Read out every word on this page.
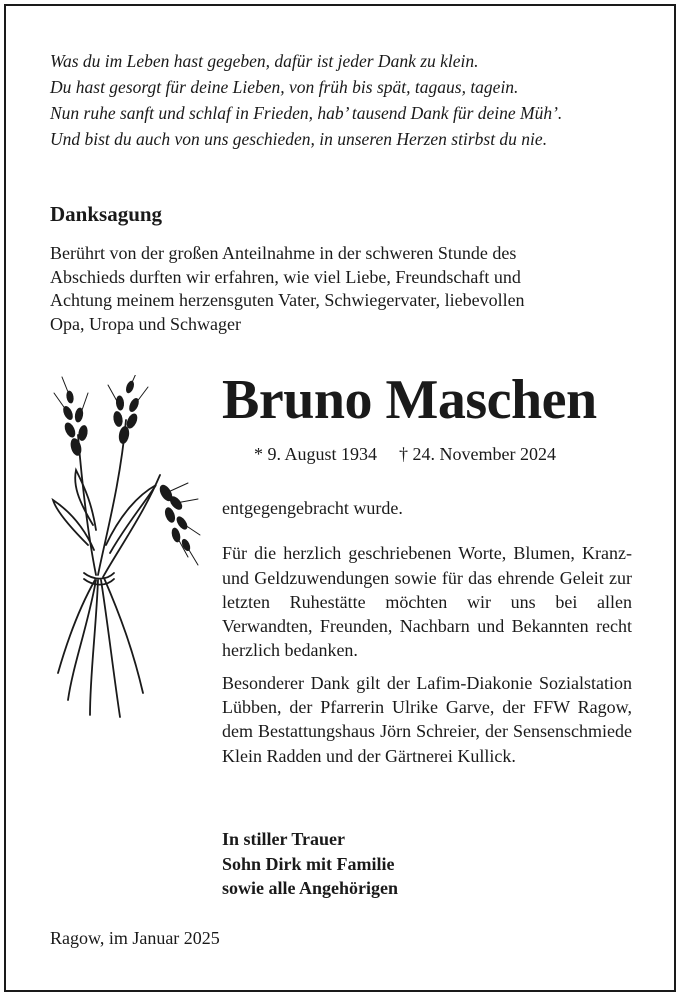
Was du im Leben hast gegeben, dafür ist jeder Dank zu klein.
Du hast gesorgt für deine Lieben, von früh bis spät, tagaus, tagein.
Nun ruhe sanft und schlaf in Frieden, hab’ tausend Dank für deine Müh’.
Und bist du auch von uns geschieden, in unseren Herzen stirbst du nie.
Danksagung
Berührt von der großen Anteilnahme in der schweren Stunde des
Abschieds durften wir erfahren, wie viel Liebe, Freundschaft und
Achtung meinem herzensguten Vater, Schwiegervater, liebevollen
Opa, Uropa und Schwager
Bruno Maschen
* 9. August 1934 † 24. November 2024

entgegengebracht wurde.

Für die herzlich geschriebenen Worte, Blumen, Kranz- und Geldzuwendungen sowie für das ehrende Geleit zur letzten Ruhestätte möchten wir uns bei allen Verwandten, Freunden, Nachbarn und Bekannten recht herzlich bedanken.

Besonderer Dank gilt der Lafim-Diakonie Sozialstation Lübben, der Pfarrerin Ulrike Garve, der FFW Ragow, dem Bestattungshaus Jörn Schreier, der Sensenschmiede Klein Radden und der Gärtnerei Kullick.

In stiller Trauer
Sohn Dirk mit Familie
sowie alle Angehörigen
Ragow, im Januar 2025
